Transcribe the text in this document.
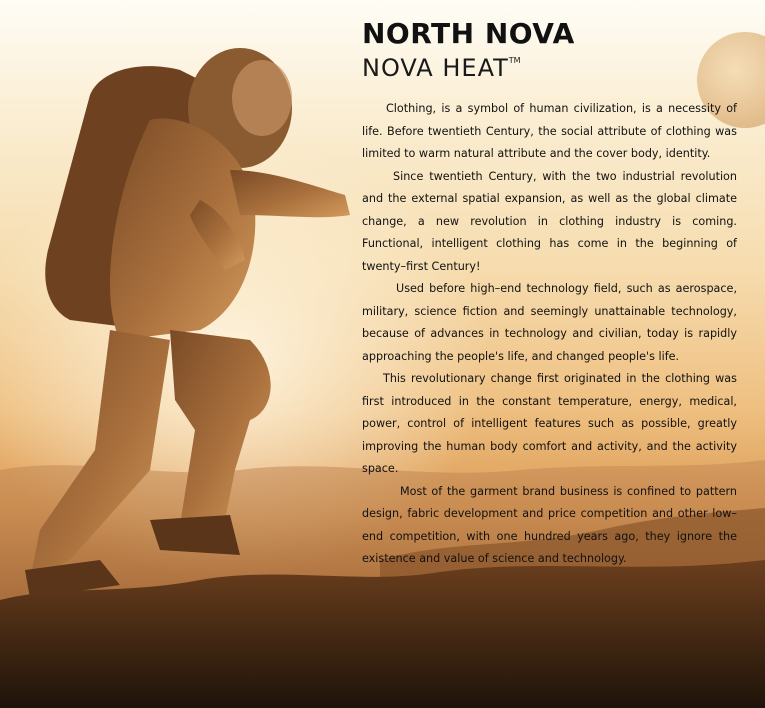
NORTH NOVA
NOVA HEAT™

Clothing, is a symbol of human civilization, is a necessity of life. Before twentieth Century, the social attribute of clothing was limited to warm natural attribute and the cover body, identity.

Since twentieth Century, with the two industrial revolution and the external spatial expansion, as well as the global climate change, a new revolution in clothing industry is coming. Functional, intelligent clothing has come in the beginning of twenty–first Century!

Used before high–end technology field, such as aerospace, military, science fiction and seemingly unattainable technology, because of advances in technology and civilian, today is rapidly approaching the people's life, and changed people's life.

This revolutionary change first originated in the clothing was first introduced in the constant temperature, energy, medical, power, control of intelligent features such as possible, greatly improving the human body comfort and activity, and the activity space.

Most of the garment brand business is confined to pattern design, fabric development and price competition and other low–end competition, with one hundred years ago, they ignore the existence and value of science and technology.
